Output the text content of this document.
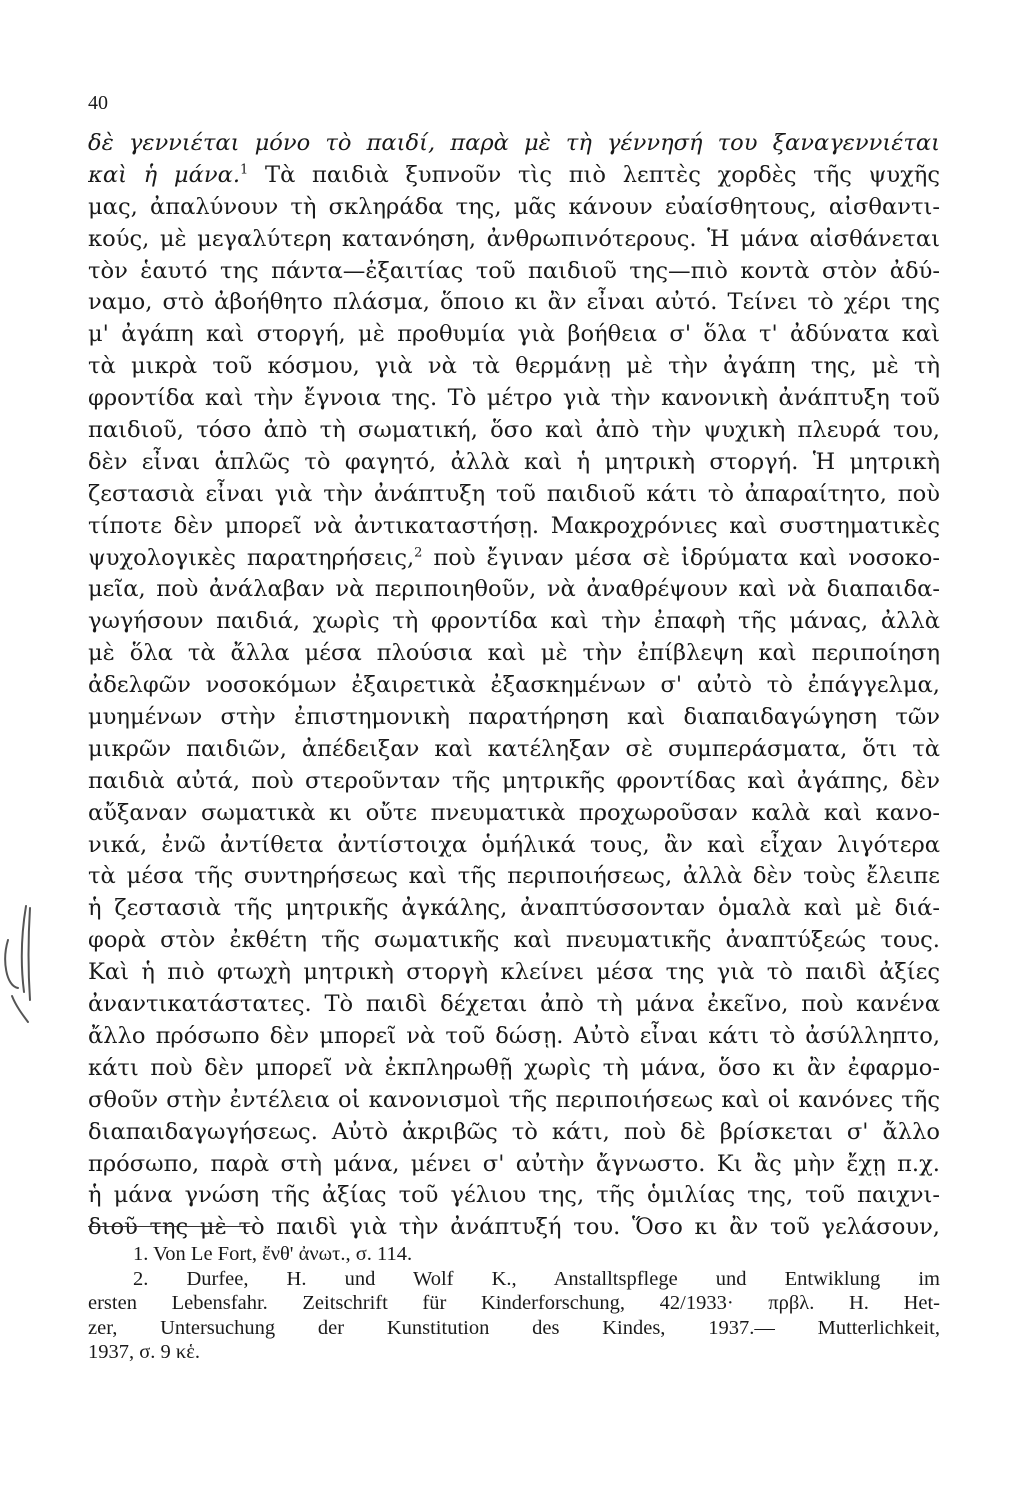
40
δὲ γεννιέται μόνο τὸ παιδί, παρὰ μὲ τὴ γέννησή του ξαναγεννιέται
καὶ ἡ μάνα.$^1$ Τὰ παιδιὰ ξυπνοῦν τὶς πιὸ λεπτὲς χορδὲς τῆς ψυχῆς
μας, ἀπαλύνουν τὴ σκληράδα της, μᾶς κάνουν εὐαίσθητους, αἰσθαντι-
κούς, μὲ μεγαλύτερη κατανόηση, ἀνθρωπινότερους. Ἡ μάνα αἰσθάνεται
τὸν ἑαυτό της πάντα—ἐξαιτίας τοῦ παιδιοῦ της—πιὸ κοντὰ στὸν ἀδύ-
ναμο, στὸ ἀβοήθητο πλάσμα, ὅποιο κι ἂν εἶναι αὐτό. Τείνει τὸ χέρι της
μ' ἀγάπη καὶ στοργή, μὲ προθυμία γιὰ βοήθεια σ' ὅλα τ' ἀδύνατα καὶ
τὰ μικρὰ τοῦ κόσμου, γιὰ νὰ τὰ θερμάνῃ μὲ τὴν ἀγάπη της, μὲ τὴ
φροντίδα καὶ τὴν ἔγνοια της. Τὸ μέτρο γιὰ τὴν κανονικὴ ἀνάπτυξη τοῦ
παιδιοῦ, τόσο ἀπὸ τὴ σωματική, ὅσο καὶ ἀπὸ τὴν ψυχικὴ πλευρά του,
δὲν εἶναι ἁπλῶς τὸ φαγητό, ἀλλὰ καὶ ἡ μητρικὴ στοργή. Ἡ μητρικὴ
ζεστασιὰ εἶναι γιὰ τὴν ἀνάπτυξη τοῦ παιδιοῦ κάτι τὸ ἀπαραίτητο, ποὺ
τίποτε δὲν μπορεῖ νὰ ἀντικαταστήσῃ. Μακροχρόνιες καὶ συστηματικὲς
ψυχολογικὲς παρατηρήσεις,$^2$ ποὺ ἔγιναν μέσα σὲ ἱδρύματα καὶ νοσοκο-
μεῖα, ποὺ ἀνάλαβαν νὰ περιποιηθοῦν, νὰ ἀναθρέψουν καὶ νὰ διαπαιδα-
γωγήσουν παιδιά, χωρὶς τὴ φροντίδα καὶ τὴν ἐπαφὴ τῆς μάνας, ἀλλὰ
μὲ ὅλα τὰ ἄλλα μέσα πλούσια καὶ μὲ τὴν ἐπίβλεψη καὶ περιποίηση
ἀδελφῶν νοσοκόμων ἐξαιρετικὰ ἐξασκημένων σ' αὐτὸ τὸ ἐπάγγελμα,
μυημένων στὴν ἐπιστημονικὴ παρατήρηση καὶ διαπαιδαγώγηση τῶν
μικρῶν παιδιῶν, ἀπέδειξαν καὶ κατέληξαν σὲ συμπεράσματα, ὅτι τὰ
παιδιὰ αὐτά, ποὺ στεροῦνταν τῆς μητρικῆς φροντίδας καὶ ἀγάπης, δὲν
αὔξαναν σωματικὰ κι οὔτε πνευματικὰ προχωροῦσαν καλὰ καὶ κανο-
νικά, ἐνῶ ἀντίθετα ἀντίστοιχα ὁμήλικά τους, ἂν καὶ εἶχαν λιγότερα
τὰ μέσα τῆς συντηρήσεως καὶ τῆς περιποιήσεως, ἀλλὰ δὲν τοὺς ἔλειπε
ἡ ζεστασιὰ τῆς μητρικῆς ἀγκάλης, ἀναπτύσσονταν ὁμαλὰ καὶ μὲ διά-
φορὰ στὸν ἐκθέτη τῆς σωματικῆς καὶ πνευματικῆς ἀναπτύξεώς τους.
Καὶ ἡ πιὸ φτωχὴ μητρικὴ στοργὴ κλείνει μέσα της γιὰ τὸ παιδὶ ἀξίες
ἀναντικατάστατες. Τὸ παιδὶ δέχεται ἀπὸ τὴ μάνα ἐκεῖνο, ποὺ κανένα
ἄλλο πρόσωπο δὲν μπορεῖ νὰ τοῦ δώσῃ. Αὐτὸ εἶναι κάτι τὸ ἀσύλληπτο,
κάτι ποὺ δὲν μπορεῖ νὰ ἐκπληρωθῇ χωρὶς τὴ μάνα, ὅσο κι ἂν ἐφαρμο-
σθοῦν στὴν ἐντέλεια οἱ κανονισμοὶ τῆς περιποιήσεως καὶ οἱ κανόνες τῆς
διαπαιδαγωγήσεως. Αὐτὸ ἀκριβῶς τὸ κάτι, ποὺ δὲ βρίσκεται σ' ἄλλο
πρόσωπο, παρὰ στὴ μάνα, μένει σ' αὐτὴν ἄγνωστο. Κι ἂς μὴν ἔχῃ π.χ.
ἡ μάνα γνώση τῆς ἀξίας τοῦ γέλιου της, τῆς ὁμιλίας της, τοῦ παιχνι-
διοῦ της μὲ τὸ παιδὶ γιὰ τὴν ἀνάπτυξή του. Ὅσο κι ἂν τοῦ γελάσουν,
1. Von Le Fort, ἔνθ' ἀνωτ., σ. 114.
2. Durfee, H. und Wolf K., Anstalltspflege und Entwiklung im
ersten Lebensfahr. Zeitschrift für Kinderforschung, 42/1933· πρβλ. H. Het-
zer, Untersuchung der Kunstitution des Kindes, 1937.— Mutterlichkeit,
1937, σ. 9 κἑ.
